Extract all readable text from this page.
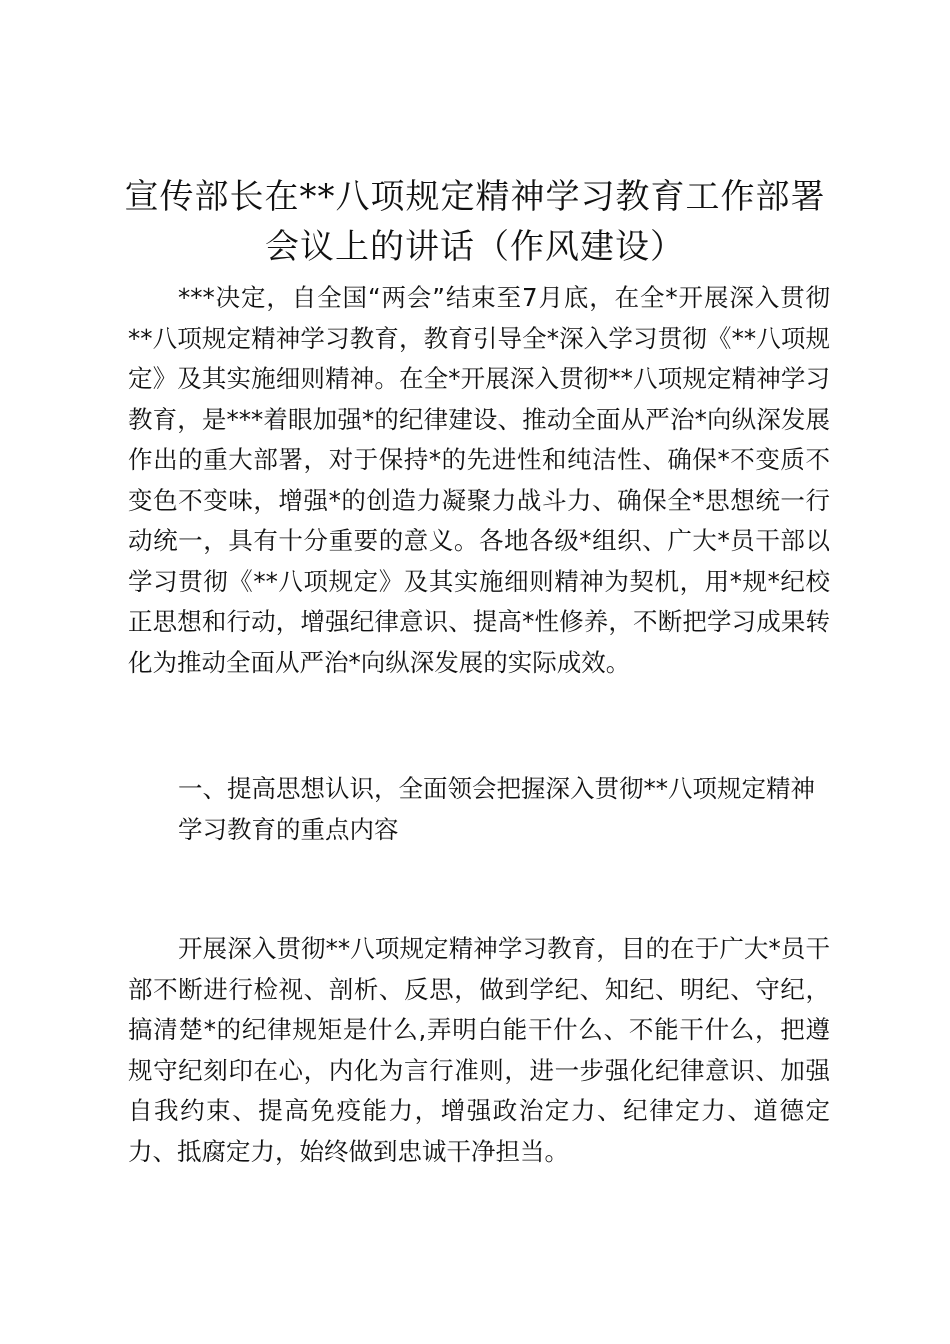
宣传部长在**八项规定精神学习教育工作部署
会议上的讲话（作风建设）

***决定，自全国“两会”结束至7月底，在全*开展深入贯彻**八项规定精神学习教育，教育引导全*深入学习贯彻《**八项规定》及其实施细则精神。在全*开展深入贯彻**八项规定精神学习教育，是***着眼加强*的纪律建设、推动全面从严治*向纵深发展作出的重大部署，对于保持*的先进性和纯洁性、确保*不变质不变色不变味，增强*的创造力凝聚力战斗力、确保全*思想统一行动统一，具有十分重要的意义。各地各级*组织、广大*员干部以学习贯彻《**八项规定》及其实施细则精神为契机，用*规*纪校正思想和行动，增强纪律意识、提高*性修养，不断把学习成果转化为推动全面从严治*向纵深发展的实际成效。

一、提高思想认识，全面领会把握深入贯彻**八项规定精神学习教育的重点内容

开展深入贯彻**八项规定精神学习教育，目的在于广大*员干部不断进行检视、剖析、反思，做到学纪、知纪、明纪、守纪，搞清楚*的纪律规矩是什么,弄明白能干什么、不能干什么，把遵规守纪刻印在心，内化为言行准则，进一步强化纪律意识、加强自我约束、提高免疫能力，增强政治定力、纪律定力、道德定力、抵腐定力，始终做到忠诚干净担当。
